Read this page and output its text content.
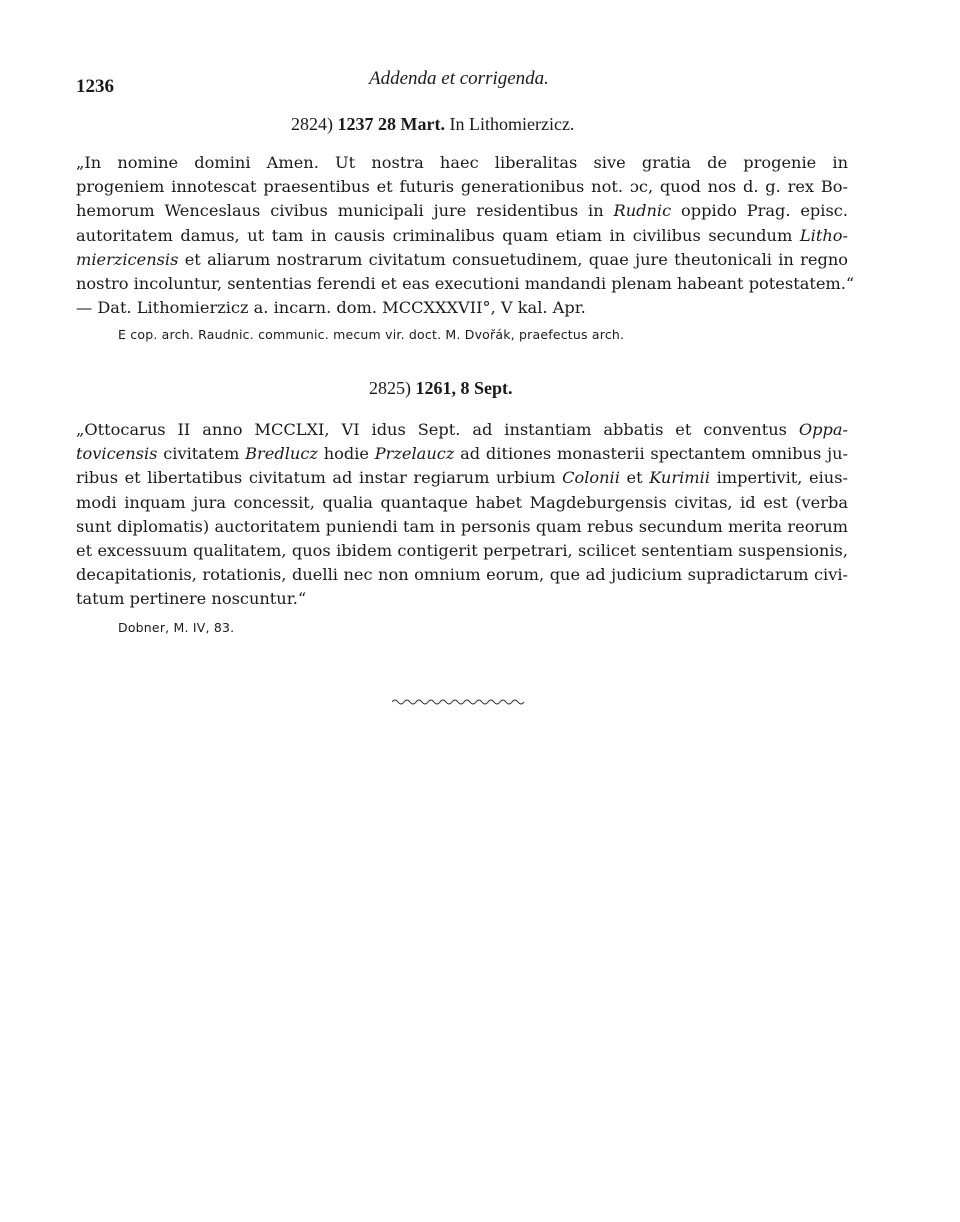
1236	Addenda et corrigenda.
2824) 1237 28 Mart. In Lithomierzicz.
„In nomine domini Amen. Ut nostra haec liberalitas sive gratia de progenie in
progeniem innotescat praesentibus et futuris generationibus not. ɔc, quod nos d. g. rex Bo-
hemorum Wenceslaus civibus municipali jure residentibus in Rudnic oppido Prag. episc.
autoritatem damus, ut tam in causis criminalibus quam etiam in civilibus secundum Litho-
mierzicensis et aliarum nostrarum civitatum consuetudinem, quae jure theutonicali in regno
nostro incoluntur, sententias ferendi et eas executioni mandandi plenam habeant potestatem.“
— Dat. Lithomierzicz a. incarn. dom. MCCXXXVII°, V kal. Apr.
E cop. arch. Raudnic. communic. mecum vir. doct. M. Dvořák, praefectus arch.
2825) 1261, 8 Sept.
„Ottocarus II anno MCCLXI, VI idus Sept. ad instantiam abbatis et conventus Oppa-
tovicensis civitatem Bredlucz hodie Przelaucz ad ditiones monasterii spectantem omnibus ju-
ribus et libertatibus civitatum ad instar regiarum urbium Colonii et Kurimii impertivit, eius-
modi inquam jura concessit, qualia quantaque habet Magdeburgensis civitas, id est (verba
sunt diplomatis) auctoritatem puniendi tam in personis quam rebus secundum merita reorum
et excessuum qualitatem, quos ibidem contigerit perpetrari, scilicet sententiam suspensionis,
decapitationis, rotationis, duelli nec non omnium eorum, que ad judicium supradictarum civi-
tatum pertinere noscuntur.“
Dobner, M. IV, 83.
